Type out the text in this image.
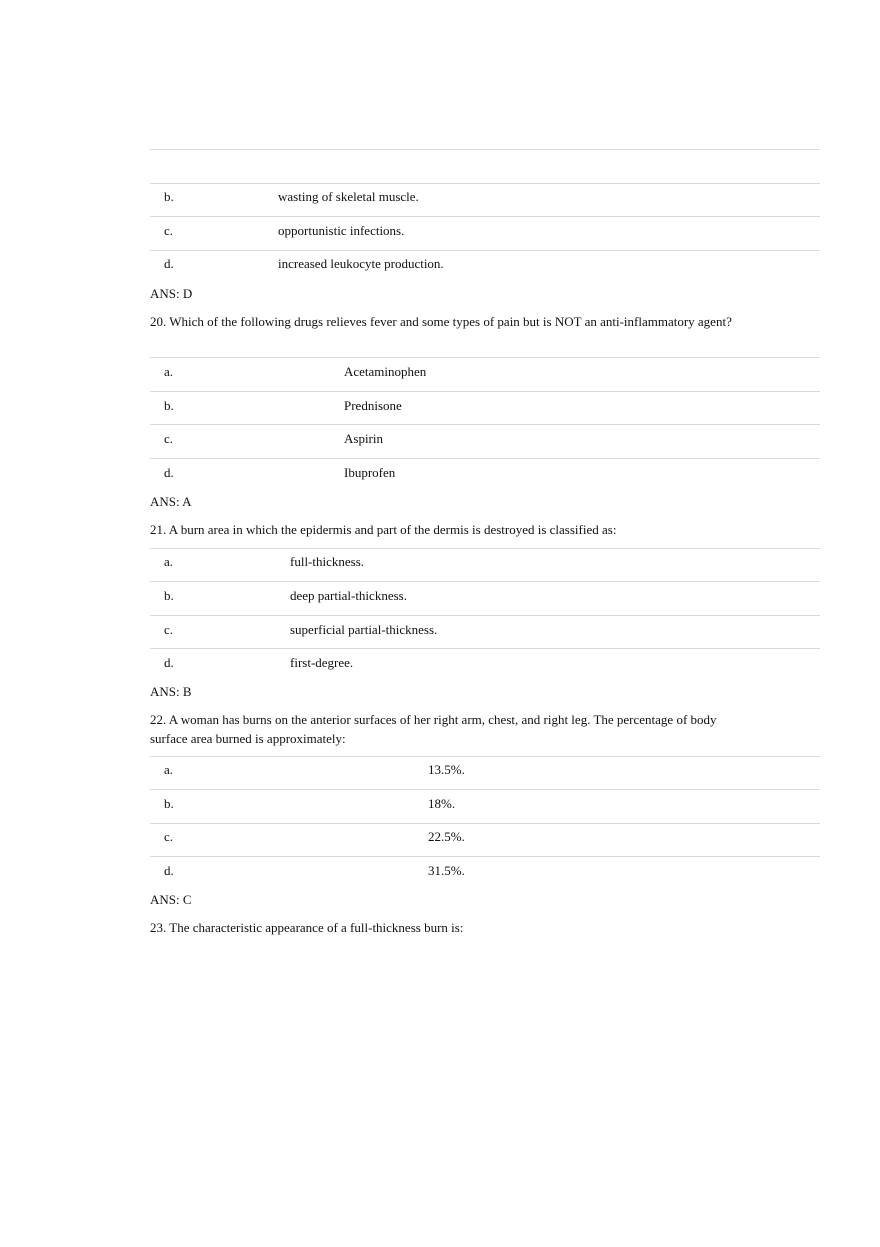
b.	wasting of skeletal muscle.
c.	opportunistic infections.
d.	increased leukocyte production.
ANS: D
20. Which of the following drugs relieves fever and some types of pain but is NOT an anti-inflammatory agent?
a.	Acetaminophen
b.	Prednisone
c.	Aspirin
d.	Ibuprofen
ANS: A
21. A burn area in which the epidermis and part of the dermis is destroyed is classified as:
a.	full-thickness.
b.	deep partial-thickness.
c.	superficial partial-thickness.
d.	first-degree.
ANS: B
22. A woman has burns on the anterior surfaces of her right arm, chest, and right leg. The percentage of body surface area burned is approximately:
a.	13.5%.
b.	18%.
c.	22.5%.
d.	31.5%.
ANS: C
23. The characteristic appearance of a full-thickness burn is:
